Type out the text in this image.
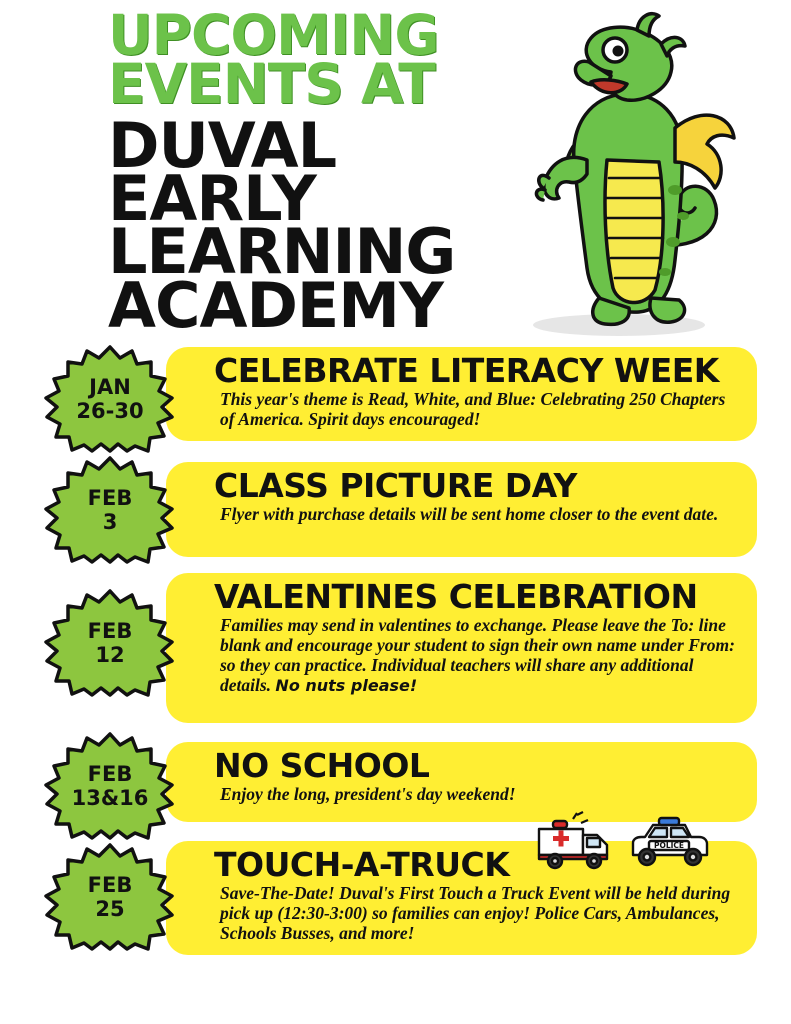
UPCOMING
EVENTS AT
DUVAL
EARLY
LEARNING
ACADEMY
CELEBRATE LITERACY WEEK
This year's theme is Read, White, and Blue: Celebrating 250 Chapters of America. Spirit days encouraged!
JAN
26-30
CLASS PICTURE DAY
Flyer with purchase details will be sent home closer to the event date.
FEB
3
VALENTINES CELEBRATION
Families may send in valentines to exchange. Please leave the To: line blank and encourage your student to sign their own name under From: so they can practice. Individual teachers will share any additional details. No nuts please!
FEB
12
NO SCHOOL
Enjoy the long, president's day weekend!
FEB
13&16
POLICE
TOUCH-A-TRUCK
Save-The-Date! Duval's First Touch a Truck Event will be held during pick up (12:30-3:00) so families can enjoy! Police Cars, Ambulances, Schools Busses, and more!
FEB
25
